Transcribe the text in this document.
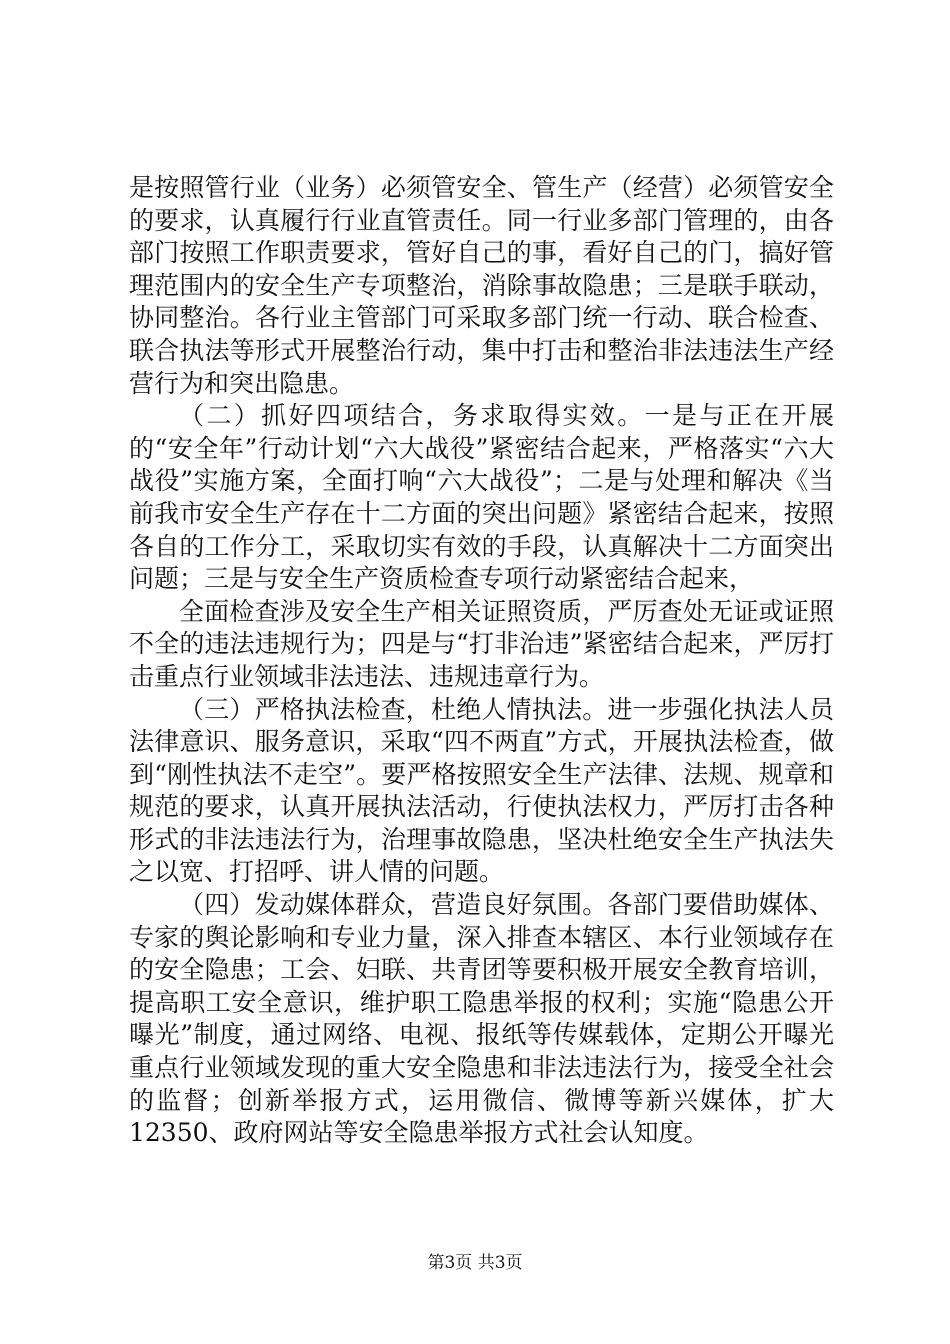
是按照管行业（业务）必须管安全、管生产（经营）必须管安全的要求，认真履行行业直管责任。同一行业多部门管理的，由各部门按照工作职责要求，管好自己的事，看好自己的门，搞好管理范围内的安全生产专项整治，消除事故隐患；三是联手联动，协同整治。各行业主管部门可采取多部门统一行动、联合检查、联合执法等形式开展整治行动，集中打击和整治非法违法生产经营行为和突出隐患。

（二）抓好四项结合，务求取得实效。一是与正在开展的“安全年”行动计划“六大战役”紧密结合起来，严格落实“六大战役”实施方案，全面打响“六大战役”；二是与处理和解决《当前我市安全生产存在十二方面的突出问题》紧密结合起来，按照各自的工作分工，采取切实有效的手段，认真解决十二方面突出问题；三是与安全生产资质检查专项行动紧密结合起来，

全面检查涉及安全生产相关证照资质，严厉查处无证或证照不全的违法违规行为；四是与“打非治违”紧密结合起来，严厉打击重点行业领域非法违法、违规违章行为。

（三）严格执法检查，杜绝人情执法。进一步强化执法人员法律意识、服务意识，采取“四不两直”方式，开展执法检查，做到“刚性执法不走空”。要严格按照安全生产法律、法规、规章和规范的要求，认真开展执法活动，行使执法权力，严厉打击各种形式的非法违法行为，治理事故隐患，坚决杜绝安全生产执法失之以宽、打招呼、讲人情的问题。

（四）发动媒体群众，营造良好氛围。各部门要借助媒体、专家的舆论影响和专业力量，深入排查本辖区、本行业领域存在的安全隐患；工会、妇联、共青团等要积极开展安全教育培训，提高职工安全意识，维护职工隐患举报的权利；实施“隐患公开曝光”制度，通过网络、电视、报纸等传媒载体，定期公开曝光重点行业领域发现的重大安全隐患和非法违法行为，接受全社会的监督；创新举报方式，运用微信、微博等新兴媒体，扩大12350、政府网站等安全隐患举报方式社会认知度。

第3页 共3页
